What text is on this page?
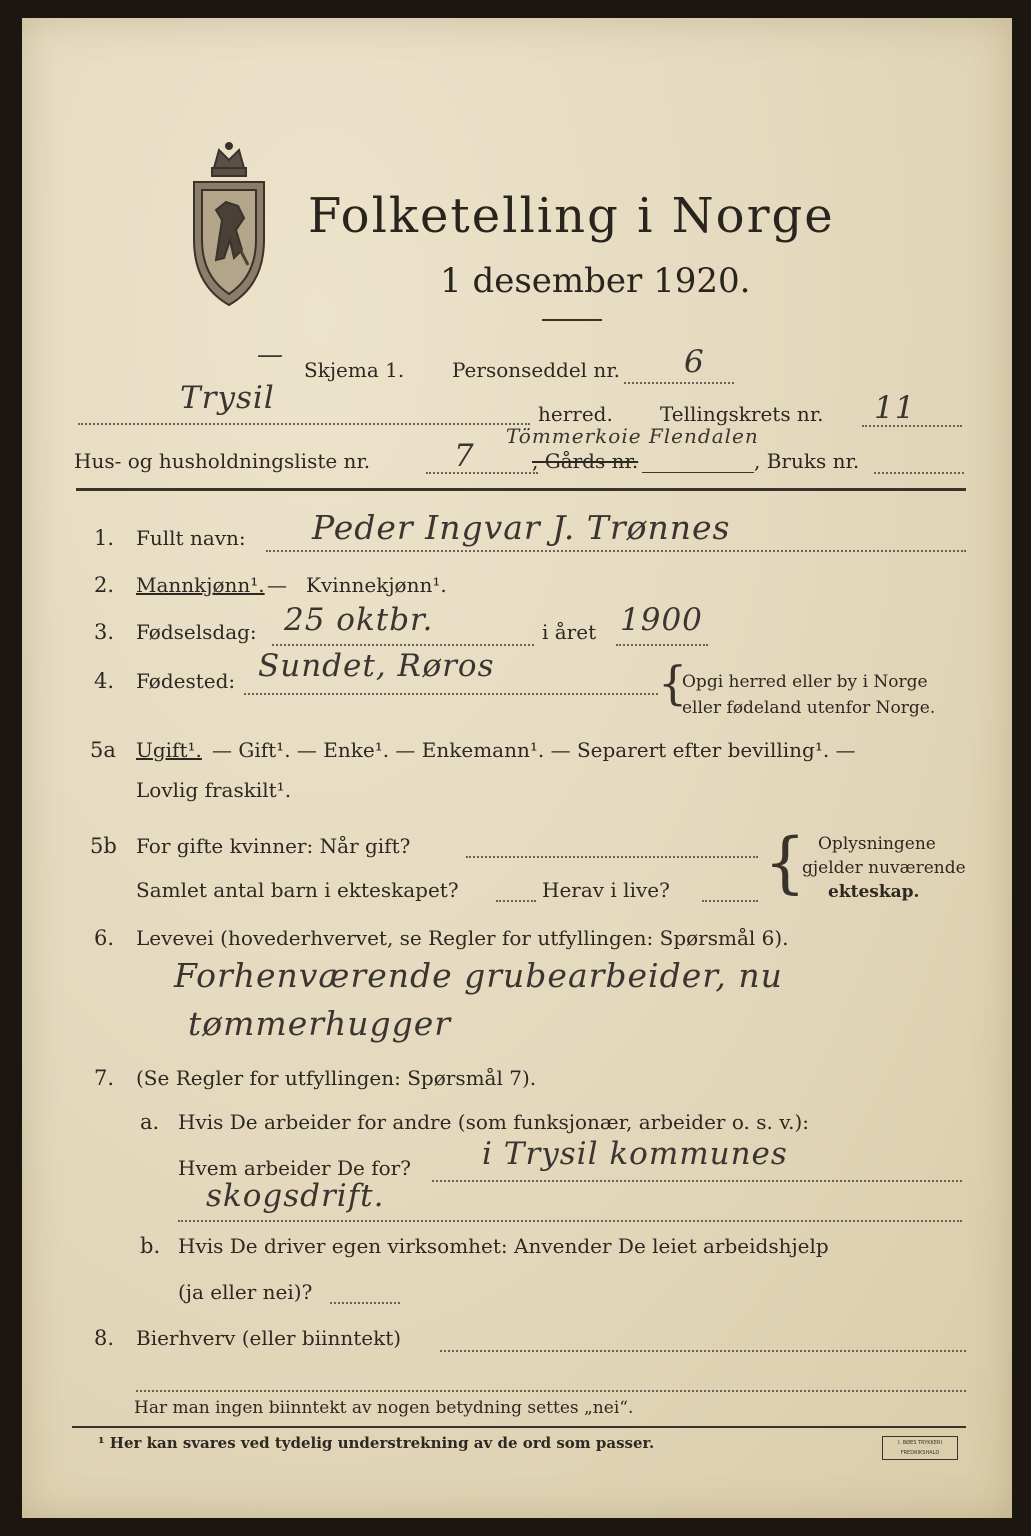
Folketelling i Norge
1 desember 1920.
— Skjema 1. Personseddel nr. 6
Trysil	herred. Tellingskrets nr. 11
Hus- og husholdningsliste nr.	7
Tömmerkoie Flendalen
, Gårds nr.	, Bruks nr.
1. Fullt navn: Peder Ingvar J. Trønnes
2. Mannkjønn¹. — Kvinnekjønn¹.
3. Fødselsdag: 25 oktbr.	i året 1900
4. Fødested: Sundet, Røros	{
Opgi herred eller by i Norge
eller fødeland utenfor Norge.
5a Ugift¹. — Gift¹. — Enke¹. — Enkemann¹. — Separert efter bevilling¹. —
Lovlig fraskilt¹.
5b For gifte kvinner: Når gift?
Samlet antal barn i ekteskapet?	Herav i live? { Oplysningene
gjelder nuværende
ekteskap.
6. Levevei (hovederhvervet, se Regler for utfyllingen: Spørsmål 6).
Forhenværende grubearbeider, nu
tømmerhugger
7. (Se Regler for utfyllingen: Spørsmål 7).
a. Hvis De arbeider for andre (som funksjonær, arbeider o. s. v.):
Hvem arbeider De for? i Trysil kommunes
skogsdrift.
b. Hvis De driver egen virksomhet: Anvender De leiet arbeidshjelp
(ja eller nei)?
8. Bierhverv (eller biinntekt)
Har man ingen biinntekt av nogen betydning settes „nei“.
¹ Her kan svares ved tydelig understrekning av de ord som passer.	I. BØES TRYKKERI FREDRIKSHALD
